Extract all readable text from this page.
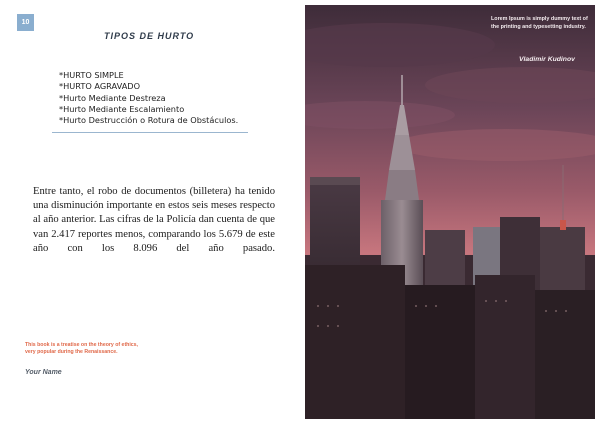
10
TIPOS DE HURTO
*HURTO SIMPLE
*HURTO AGRAVADO
*Hurto Mediante Destreza
*Hurto Mediante Escalamiento
*Hurto Destrucción o Rotura de Obstáculos.

Entre tanto, el robo de documentos (billetera) ha tenido una disminución importante en estos seis meses respecto al año anterior. Las cifras de la Policía dan cuenta de que van 2.417 reportes menos, comparando los 5.679 de este año con los 8.096 del año pasado.

This book is a treatise on the theory of ethics, very popular during the Renaissance.
Your Name
Lorem Ipsum is simply dummy text of the printing and typesetting industry.
Vladimir Kudinov
